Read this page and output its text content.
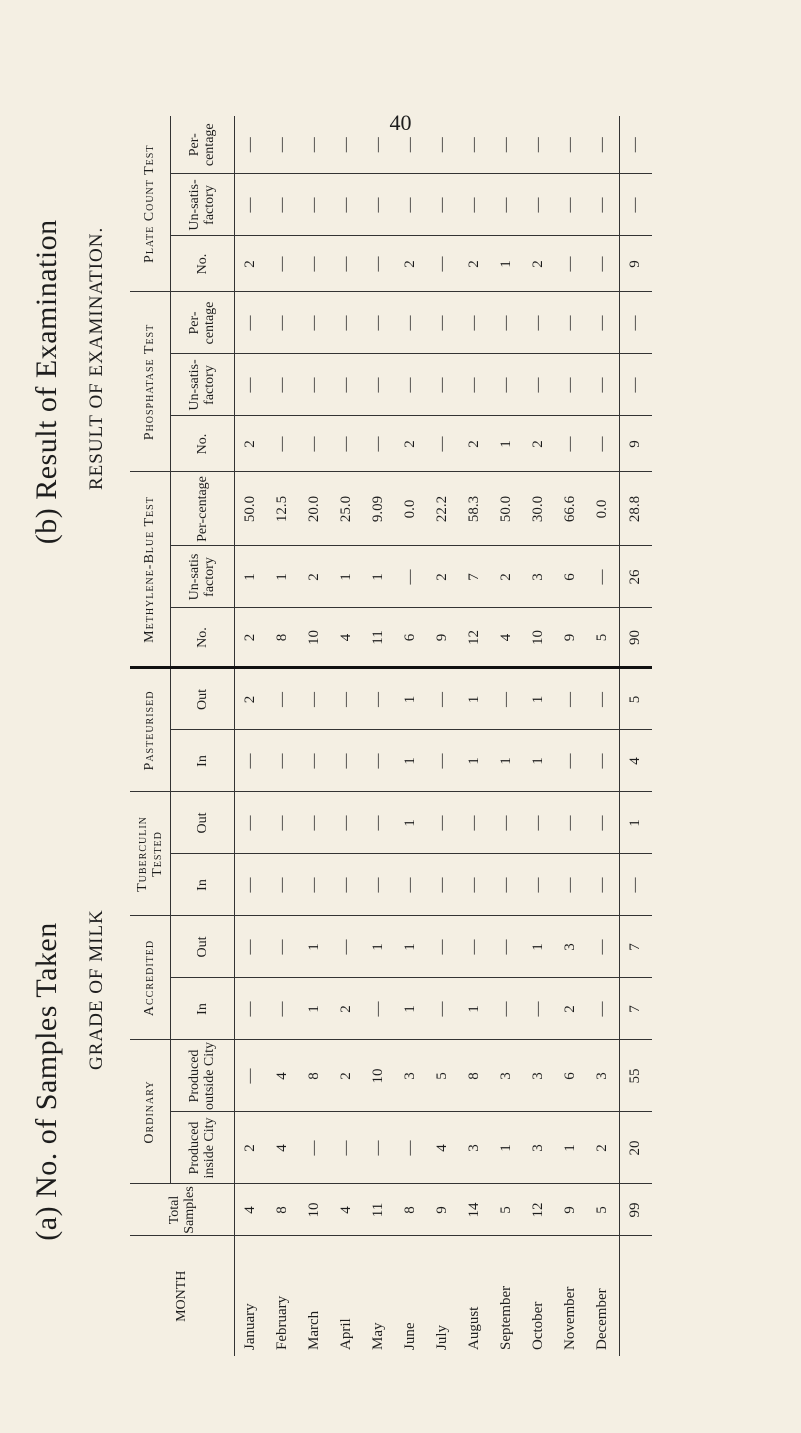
40
(a) No. of Samples Taken (b) Result of Examination
GRADE OF MILK
RESULT OF EXAMINATION.
MONTH	Total Samples	Ordinary		Accredited		Tuberculin Tested		Pasteurised		Methylene-Blue Test			Phosphatase Test			Plate Count Test		
		Produced inside City	Produced outside City	In	Out	In	Out	In	Out	No.	Un-satis factory	Per-centage	No.	Un-satis-factory	Per-centage	No.	Un-satis-factory	Per-centage
January	4	2	—	—	—	—	—	—	2	2	1	50.0	2	—	—	2	—	—
February	8	4	4	—	—	—	—	—	—	8	1	12.5	—	—	—	—	—	—
March	10	—	8	1	1	—	—	—	—	10	2	20.0	—	—	—	—	—	—
April	4	—	2	2	—	—	—	—	—	4	1	25.0	—	—	—	—	—	—
May	11	—	10	—	1	—	—	—	—	11	1	9.09	—	—	—	—	—	—
June	8	—	3	1	1	—	1	1	1	6	—	0.0	2	—	—	2	—	—
July	9	4	5	—	—	—	—	—	—	9	2	22.2	—	—	—	—	—	—
August	14	3	8	1	—	—	—	1	1	12	7	58.3	2	—	—	2	—	—
September	5	1	3	—	—	—	—	1	—	4	2	50.0	1	—	—	1	—	—
October	12	3	3	—	1	—	—	1	1	10	3	30.0	2	—	—	2	—	—
November	9	1	6	2	3	—	—	—	—	9	6	66.6	—	—	—	—	—	—
December	5	2	3	—	—	—	—	—	—	5	—	0.0	—	—	—	—	—	—
	99	20	55	7	7	—	1	4	5	90	26	28.8	9	—	—	9	—	—
